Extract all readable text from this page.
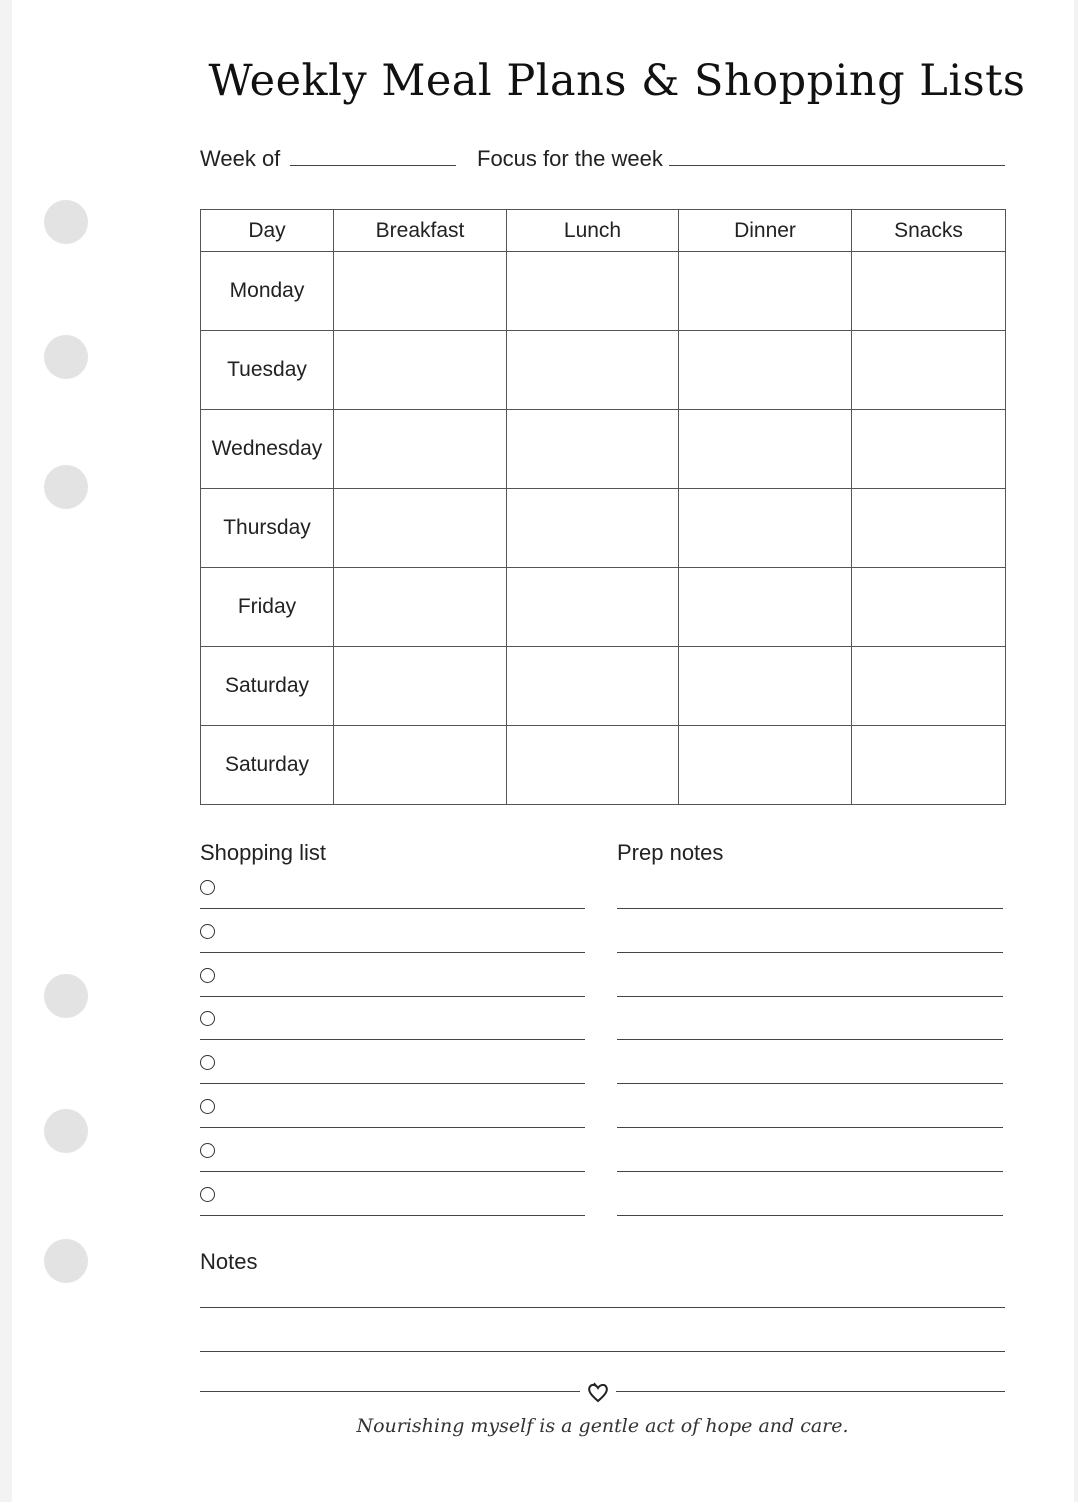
Weekly Meal Plans & Shopping Lists
Week of	Focus for the week
Day	Breakfast	Lunch	Dinner	Snacks
Monday				
Tuesday				
Wednesday				
Thursday				
Friday				
Saturday				
Saturday				
Shopping list	Prep notes
Notes
Nourishing myself is a gentle act of hope and care.
